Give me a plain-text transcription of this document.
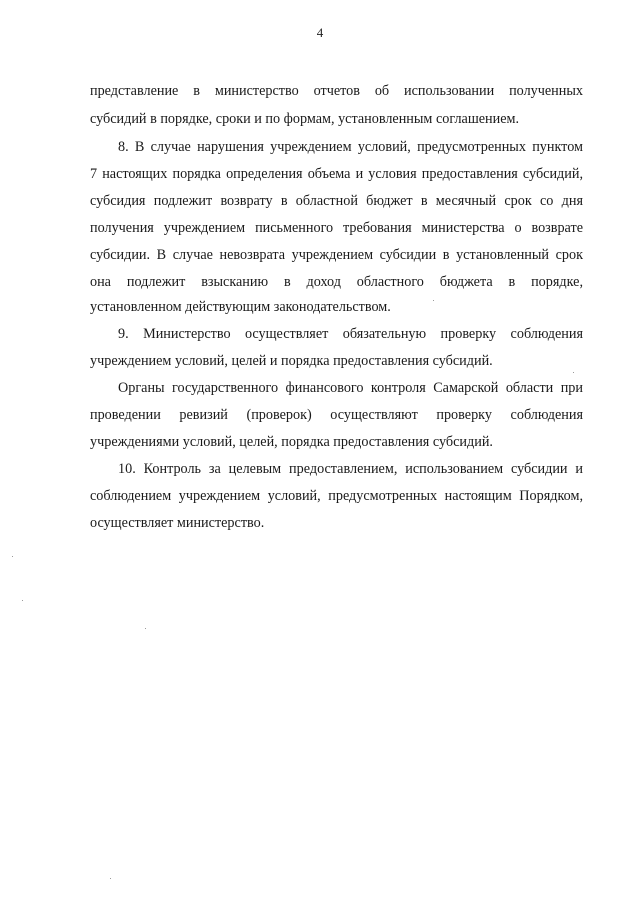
4
представление в министерство отчетов об использовании полученных
субсидий в порядке, сроки и по формам, установленным соглашением.
8. В случае нарушения учреждением условий, предусмотренных пунктом
7 настоящих порядка определения объема и условия предоставления субсидий,
субсидия подлежит возврату в областной бюджет в месячный срок со дня
получения учреждением письменного требования министерства о возврате
субсидии. В случае невозврата учреждением субсидии в установленный срок
она подлежит взысканию в доход областного бюджета в порядке,
установленном действующим законодательством.
9. Министерство осуществляет обязательную проверку соблюдения
учреждением условий, целей и порядка предоставления субсидий.
Органы государственного финансового контроля Самарской области при
проведении ревизий (проверок) осуществляют проверку соблюдения
учреждениями условий, целей, порядка предоставления субсидий.
10. Контроль за целевым предоставлением, использованием субсидии и
соблюдением учреждением условий, предусмотренных настоящим Порядком,
осуществляет министерство.
